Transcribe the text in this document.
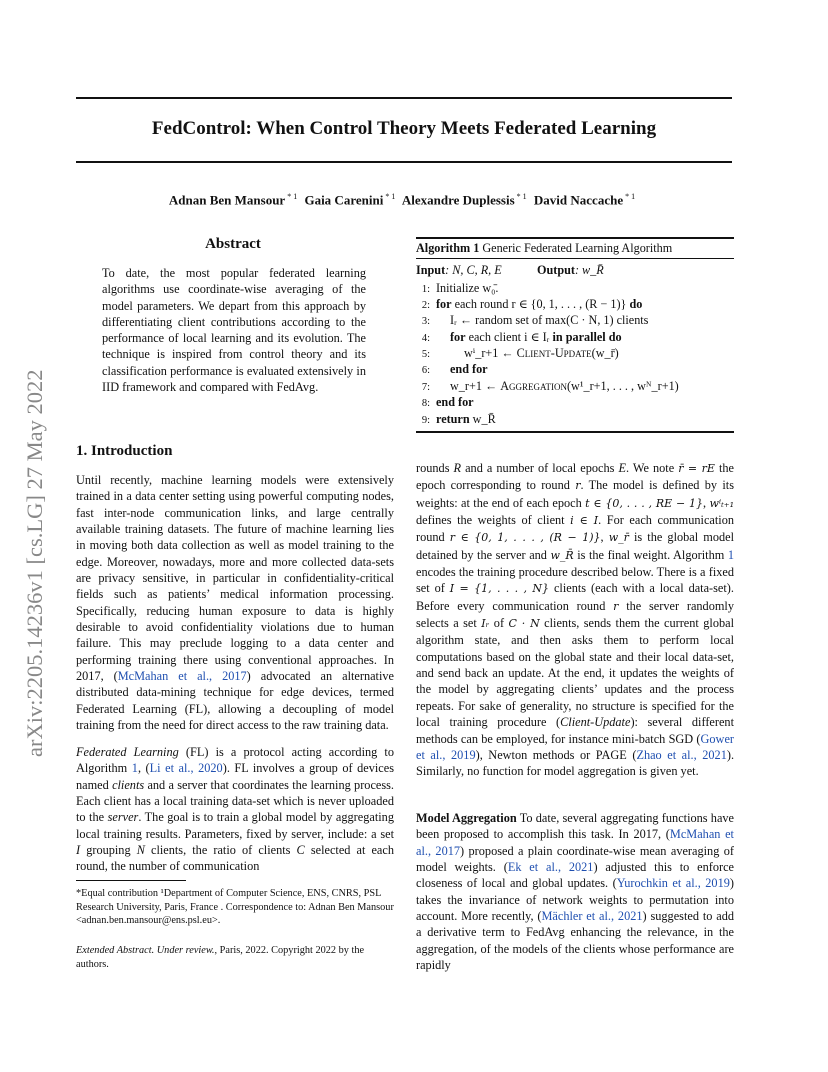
FedControl: When Control Theory Meets Federated Learning
Adnan Ben Mansour $^{* 1}$ Gaia Carenini $^{* 1}$ Alexandre Duplessis $^{* 1}$ David Naccache $^{* 1}$
arXiv:2205.14236v1 [cs.LG] 27 May 2022
Abstract

To date, the most popular federated learning algorithms use coordinate-wise averaging of the model parameters. We depart from this approach by differentiating client contributions according to the performance of local learning and its evolution. The technique is inspired from control theory and its classification performance is evaluated extensively in IID framework and compared with FedAvg.

1. Introduction

Until recently, machine learning models were extensively trained in a data center setting using powerful computing nodes, fast inter-node communication links, and large centrally available training datasets. The future of machine learning lies in moving both data collection as well as model training to the edge. Moreover, nowadays, more and more collected data-sets are privacy sensitive, in particular in confidentiality-critical fields such as patients’ medical information processing. Specifically, reducing human exposure to data is highly desirable to avoid confidentiality violations due to human failure. This may preclude logging to a data center and performing training there using conventional approaches. In 2017, (McMahan et al., 2017) advocated an alternative distributed data-mining technique for edge devices, termed Federated Learning (FL), allowing a decoupling of model training from the need for direct access to the raw training data.

Federated Learning (FL) is a protocol acting according to Algorithm 1, (Li et al., 2020). FL involves a group of devices named clients and a server that coordinates the learning process. Each client has a local training data-set which is never uploaded to the server. The goal is to train a global model by aggregating local training results. Parameters, fixed by server, include: a set I grouping N clients, the ratio of clients C selected at each round, the number of communication

*Equal contribution ¹Department of Computer Science, ENS, CNRS, PSL Research University, Paris, France . Correspondence to: Adnan Ben Mansour <adnan.ben.mansour@ens.psl.eu>.

Extended Abstract. Under review., Paris, 2022. Copyright 2022 by the authors.

Algorithm 1 Generic Federated Learning Algorithm
Input: N, C, R, E	Output: w_R̄
1: Initialize w₀̄.
2: for each round r ∈ {0, 1, . . . , (R − 1)} do
3: Iᵣ ← random set of max(C · N, 1) clients
4: for each client i ∈ Iᵣ in parallel do
5:	wⁱ_r+1 ← Client-Update(w_r̄)
6: end for
7: w_r+1 ← Aggregation(w¹_r+1, . . . , wᴺ_r+1)
8: end for
9: return w_R̄

rounds R and a number of local epochs E. We note r̄ = rE the epoch corresponding to round r. The model is defined by its weights: at the end of each epoch t ∈ {0, . . . , RE − 1}, wⁱₜ₊₁ defines the weights of client i ∈ I. For each communication round r ∈ {0, 1, . . . , (R − 1)}, w_r̄ is the global model detained by the server and w_R̄ is the final weight. Algorithm 1 encodes the training procedure described below. There is a fixed set of I = {1, . . . , N} clients (each with a local data-set). Before every communication round r the server randomly selects a set Iᵣ of C · N clients, sends them the current global algorithm state, and then asks them to perform local computations based on the global state and their local data-set, and send back an update. At the end, it updates the weights of the model by aggregating clients’ updates and the process repeats. For sake of generality, no structure is specified for the local training procedure (Client-Update): several different methods can be employed, for instance mini-batch SGD (Gower et al., 2019), Newton methods or PAGE (Zhao et al., 2021). Similarly, no function for model aggregation is given yet.

Model Aggregation To date, several aggregating functions have been proposed to accomplish this task. In 2017, (McMahan et al., 2017) proposed a plain coordinate-wise mean averaging of model weights. (Ek et al., 2021) adjusted this to enforce closeness of local and global updates. (Yurochkin et al., 2019) takes the invariance of network weights to permutation into account. More recently, (Mächler et al., 2021) suggested to add a derivative term to FedAvg enhancing the relevance, in the aggregation, of the models of the clients whose performance are rapidly
